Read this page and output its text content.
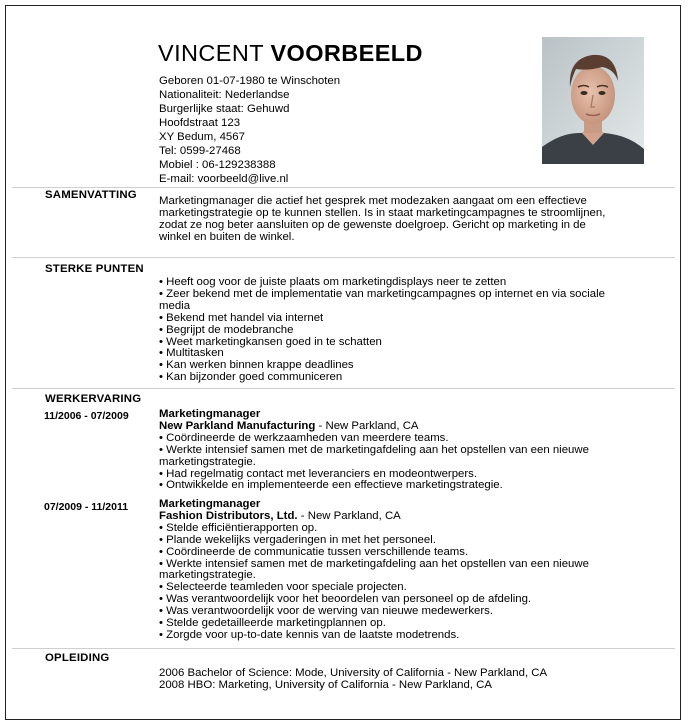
VINCENT VOORBEELD
Geboren 01-07-1980 te Winschoten
Nationaliteit: Nederlandse
Burgerlijke staat: Gehuwd
Hoofdstraat 123
XY Bedum, 4567
Tel: 0599-27468
Mobiel : 06-129238388
E-mail: voorbeeld@live.nl
SAMENVATTING Marketingmanager die actief het gesprek met modezaken aangaat om een effectieve
marketingstrategie op te kunnen stellen. Is in staat marketingcampagnes te stroomlijnen,
zodat ze nog beter aansluiten op de gewenste doelgroep. Gericht op marketing in de
winkel en buiten de winkel.
STERKE PUNTEN
• Heeft oog voor de juiste plaats om marketingdisplays neer te zetten
• Zeer bekend met de implementatie van marketingcampagnes op internet en via sociale
media
• Bekend met handel via internet
• Begrijpt de modebranche
• Weet marketingkansen goed in te schatten
• Multitasken
• Kan werken binnen krappe deadlines
• Kan bijzonder goed communiceren
WERKERVARING
11/2006 - 07/2009	Marketingmanager
New Parkland Manufacturing - New Parkland, CA
• Coördineerde de werkzaamheden van meerdere teams.
• Werkte intensief samen met de marketingafdeling aan het opstellen van een nieuwe
marketingstrategie.
• Had regelmatig contact met leveranciers en modeontwerpers.
• Ontwikkelde en implementeerde een effectieve marketingstrategie.
07/2009 - 11/2011	Marketingmanager
Fashion Distributors, Ltd. - New Parkland, CA
• Stelde efficiëntierapporten op.
• Plande wekelijks vergaderingen in met het personeel.
• Coördineerde de communicatie tussen verschillende teams.
• Werkte intensief samen met de marketingafdeling aan het opstellen van een nieuwe
marketingstrategie.
• Selecteerde teamleden voor speciale projecten.
• Was verantwoordelijk voor het beoordelen van personeel op de afdeling.
• Was verantwoordelijk voor de werving van nieuwe medewerkers.
• Stelde gedetailleerde marketingplannen op.
• Zorgde voor up-to-date kennis van de laatste modetrends.
OPLEIDING
2006 Bachelor of Science: Mode, University of California - New Parkland, CA
2008 HBO: Marketing, University of California - New Parkland, CA
